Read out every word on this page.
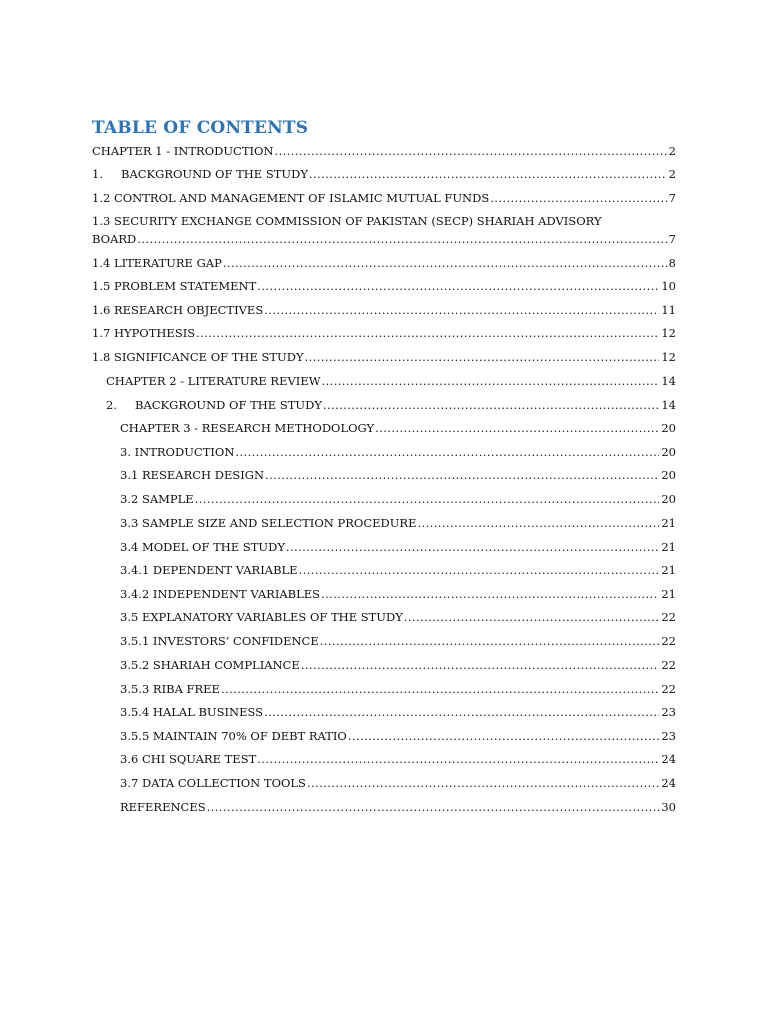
TABLE OF CONTENTS
CHAPTER 1 - INTRODUCTION .....	2
1.	BACKGROUND OF THE STUDY .....	2
1.2 CONTROL AND MANAGEMENT OF ISLAMIC MUTUAL FUNDS .....	7
1.3 SECURITY EXCHANGE COMMISSION OF PAKISTAN (SECP) SHARIAH ADVISORY
BOARD .....	7
1.4 LITERATURE GAP .....	8
1.5 PROBLEM STATEMENT .....	10
1.6 RESEARCH OBJECTIVES .....	11
1.7 HYPOTHESIS .....	12
1.8 SIGNIFICANCE OF THE STUDY .....	12
CHAPTER 2 - LITERATURE REVIEW .....	14
2.	BACKGROUND OF THE STUDY .....	14
CHAPTER 3 - RESEARCH METHODOLOGY .....	20
3. INTRODUCTION .....	20
3.1 RESEARCH DESIGN .....	20
3.2 SAMPLE .....	20
3.3 SAMPLE SIZE AND SELECTION PROCEDURE .....	21
3.4 MODEL OF THE STUDY .....	21
3.4.1 DEPENDENT VARIABLE .....	21
3.4.2 INDEPENDENT VARIABLES .....	21
3.5 EXPLANATORY VARIABLES OF THE STUDY .....	22
3.5.1 INVESTORS’ CONFIDENCE .....	22
3.5.2 SHARIAH COMPLIANCE .....	22
3.5.3 RIBA FREE .....	22
3.5.4 HALAL BUSINESS .....	23
3.5.5 MAINTAIN 70% OF DEBT RATIO .....	23
3.6 CHI SQUARE TEST .....	24
3.7 DATA COLLECTION TOOLS .....	24
REFERENCES .....	30
